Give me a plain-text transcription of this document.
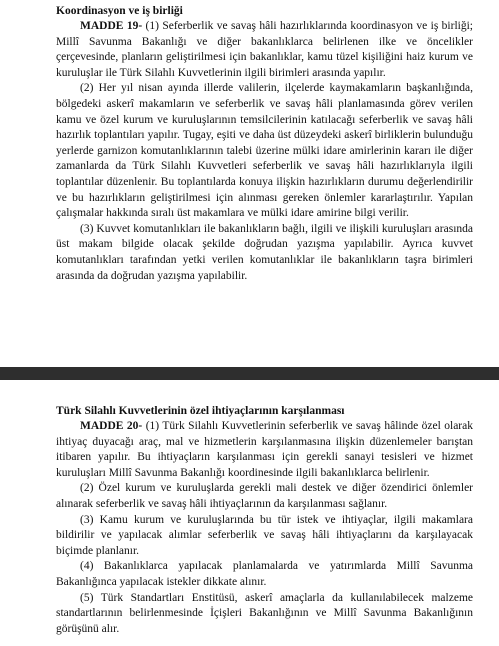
Koordinasyon ve iş birliği

MADDE 19- (1) Seferberlik ve savaş hâli hazırlıklarında koordinasyon ve iş birliği; Millî Savunma Bakanlığı ve diğer bakanlıklarca belirlenen ilke ve öncelikler çerçevesinde, planların geliştirilmesi için bakanlıklar, kamu tüzel kişiliğini haiz kurum ve kuruluşlar ile Türk Silahlı Kuvvetlerinin ilgili birimleri arasında yapılır.

(2) Her yıl nisan ayında illerde valilerin, ilçelerde kaymakamların başkanlığında, bölgedeki askerî makamların ve seferberlik ve savaş hâli planlamasında görev verilen kamu ve özel kurum ve kuruluşlarının temsilcilerinin katılacağı seferberlik ve savaş hâli hazırlık toplantıları yapılır. Tugay, eşiti ve daha üst düzeydeki askerî birliklerin bulunduğu yerlerde garnizon komutanlıklarının talebi üzerine mülki idare amirlerinin kararı ile diğer zamanlarda da Türk Silahlı Kuvvetleri seferberlik ve savaş hâli hazırlıklarıyla ilgili toplantılar düzenlenir. Bu toplantılarda konuya ilişkin hazırlıkların durumu değerlendirilir ve bu hazırlıkların geliştirilmesi için alınması gereken önlemler kararlaştırılır. Yapılan çalışmalar hakkında sıralı üst makamlara ve mülki idare amirine bilgi verilir.

(3) Kuvvet komutanlıkları ile bakanlıkların bağlı, ilgili ve ilişkili kuruluşları arasında üst makam bilgide olacak şekilde doğrudan yazışma yapılabilir. Ayrıca kuvvet komutanlıkları tarafından yetki verilen komutanlıklar ile bakanlıkların taşra birimleri arasında da doğrudan yazışma yapılabilir.

Türk Silahlı Kuvvetlerinin özel ihtiyaçlarının karşılanması

MADDE 20- (1) Türk Silahlı Kuvvetlerinin seferberlik ve savaş hâlinde özel olarak ihtiyaç duyacağı araç, mal ve hizmetlerin karşılanmasına ilişkin düzenlemeler barıştan itibaren yapılır. Bu ihtiyaçların karşılanması için gerekli sanayi tesisleri ve hizmet kuruluşları Millî Savunma Bakanlığı koordinesinde ilgili bakanlıklarca belirlenir.

(2) Özel kurum ve kuruluşlarda gerekli mali destek ve diğer özendirici önlemler alınarak seferberlik ve savaş hâli ihtiyaçlarının da karşılanması sağlanır.

(3) Kamu kurum ve kuruluşlarında bu tür istek ve ihtiyaçlar, ilgili makamlara bildirilir ve yapılacak alımlar seferberlik ve savaş hâli ihtiyaçlarını da karşılayacak biçimde planlanır.

(4) Bakanlıklarca yapılacak planlamalarda ve yatırımlarda Millî Savunma Bakanlığınca yapılacak istekler dikkate alınır.

(5) Türk Standartları Enstitüsü, askerî amaçlarla da kullanılabilecek malzeme standartlarının belirlenmesinde İçişleri Bakanlığının ve Millî Savunma Bakanlığının görüşünü alır.
